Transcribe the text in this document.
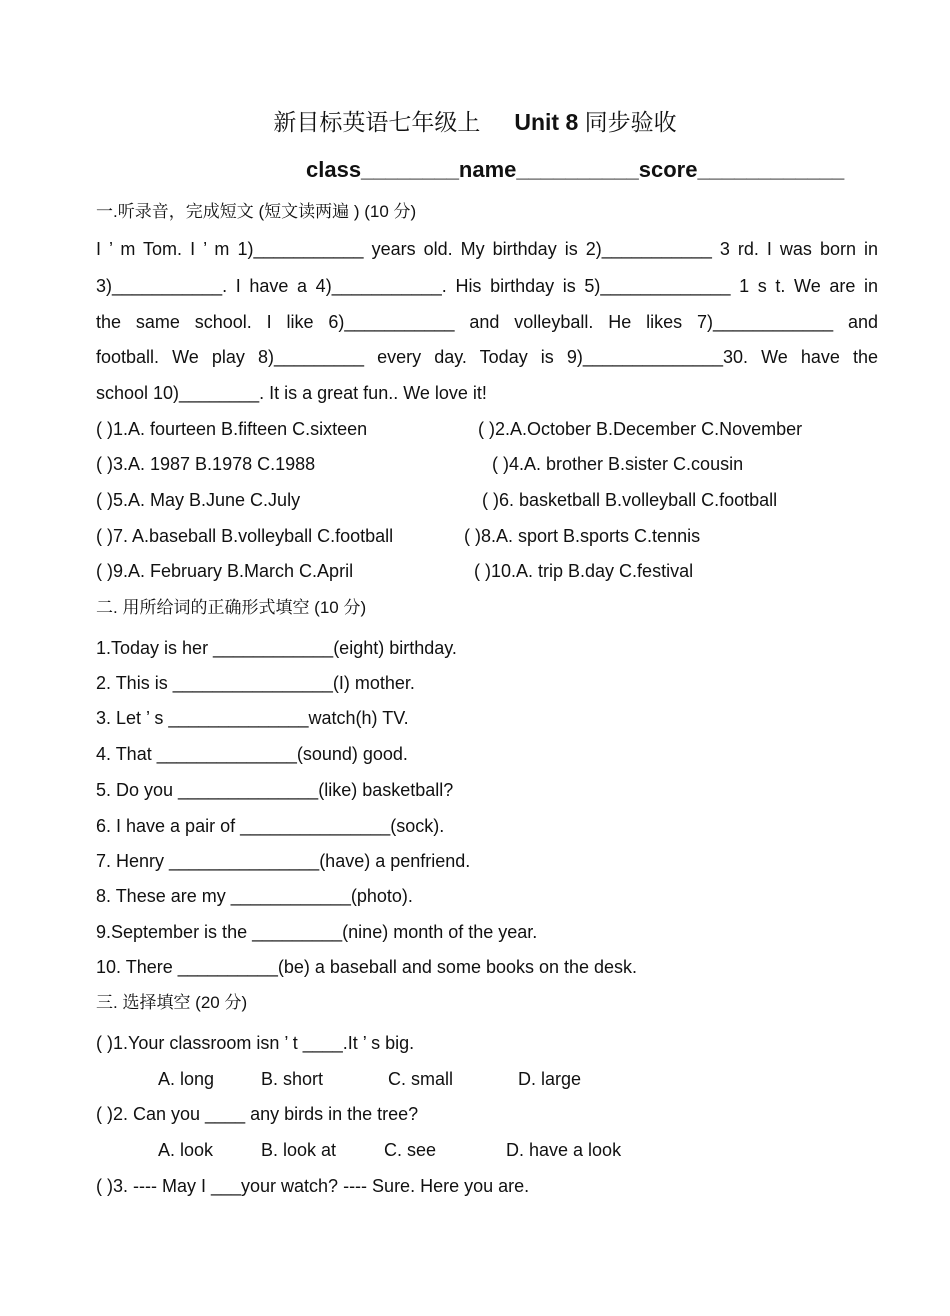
新目标英语七年级上 Unit 8 同步验收
class________name__________score____________
一.听录音，完成短文 (短文读两遍 ) (10 分)
I ’ m Tom. I ’ m 1)___________ years old. My birthday is 2)___________ 3 rd. I was born in
3)___________. I have a 4)___________. His birthday is 5)_____________ 1 s t. We are in
the same school. I like 6)___________ and volleyball. He likes 7)____________ and
football. We play 8)_________ every day. Today is 9)______________30. We have the
school 10)________. It is a great fun.. We love it!
( )1.A. fourteen B.fifteen C.sixteen	( )2.A.October B.December C.November
( )3.A. 1987 B.1978 C.1988	( )4.A. brother B.sister C.cousin
( )5.A. May B.June C.July	( )6. basketball B.volleyball C.football
( )7. A.baseball B.volleyball C.football	( )8.A. sport B.sports C.tennis
( )9.A. February B.March C.April	( )10.A. trip B.day C.festival
二. 用所给词的正确形式填空 (10 分)
1.Today is her ____________(eight) birthday.
2. This is ________________(I) mother.
3. Let ’ s ______________watch(h) TV.
4. That ______________(sound) good.
5. Do you ______________(like) basketball?
6. I have a pair of _______________(sock).
7. Henry _______________(have) a penfriend.
8. These are my ____________(photo).
9.September is the _________(nine) month of the year.
10. There __________(be) a baseball and some books on the desk.
三. 选择填空 (20 分)
( )1.Your classroom isn ’ t ____.It ’ s big.
A. long	B. short	C. small	D. large
( )2. Can you ____ any birds in the tree?
A. look	B. look at	C. see	D. have a look
( )3. ---- May I ___your watch? ---- Sure. Here you are.
